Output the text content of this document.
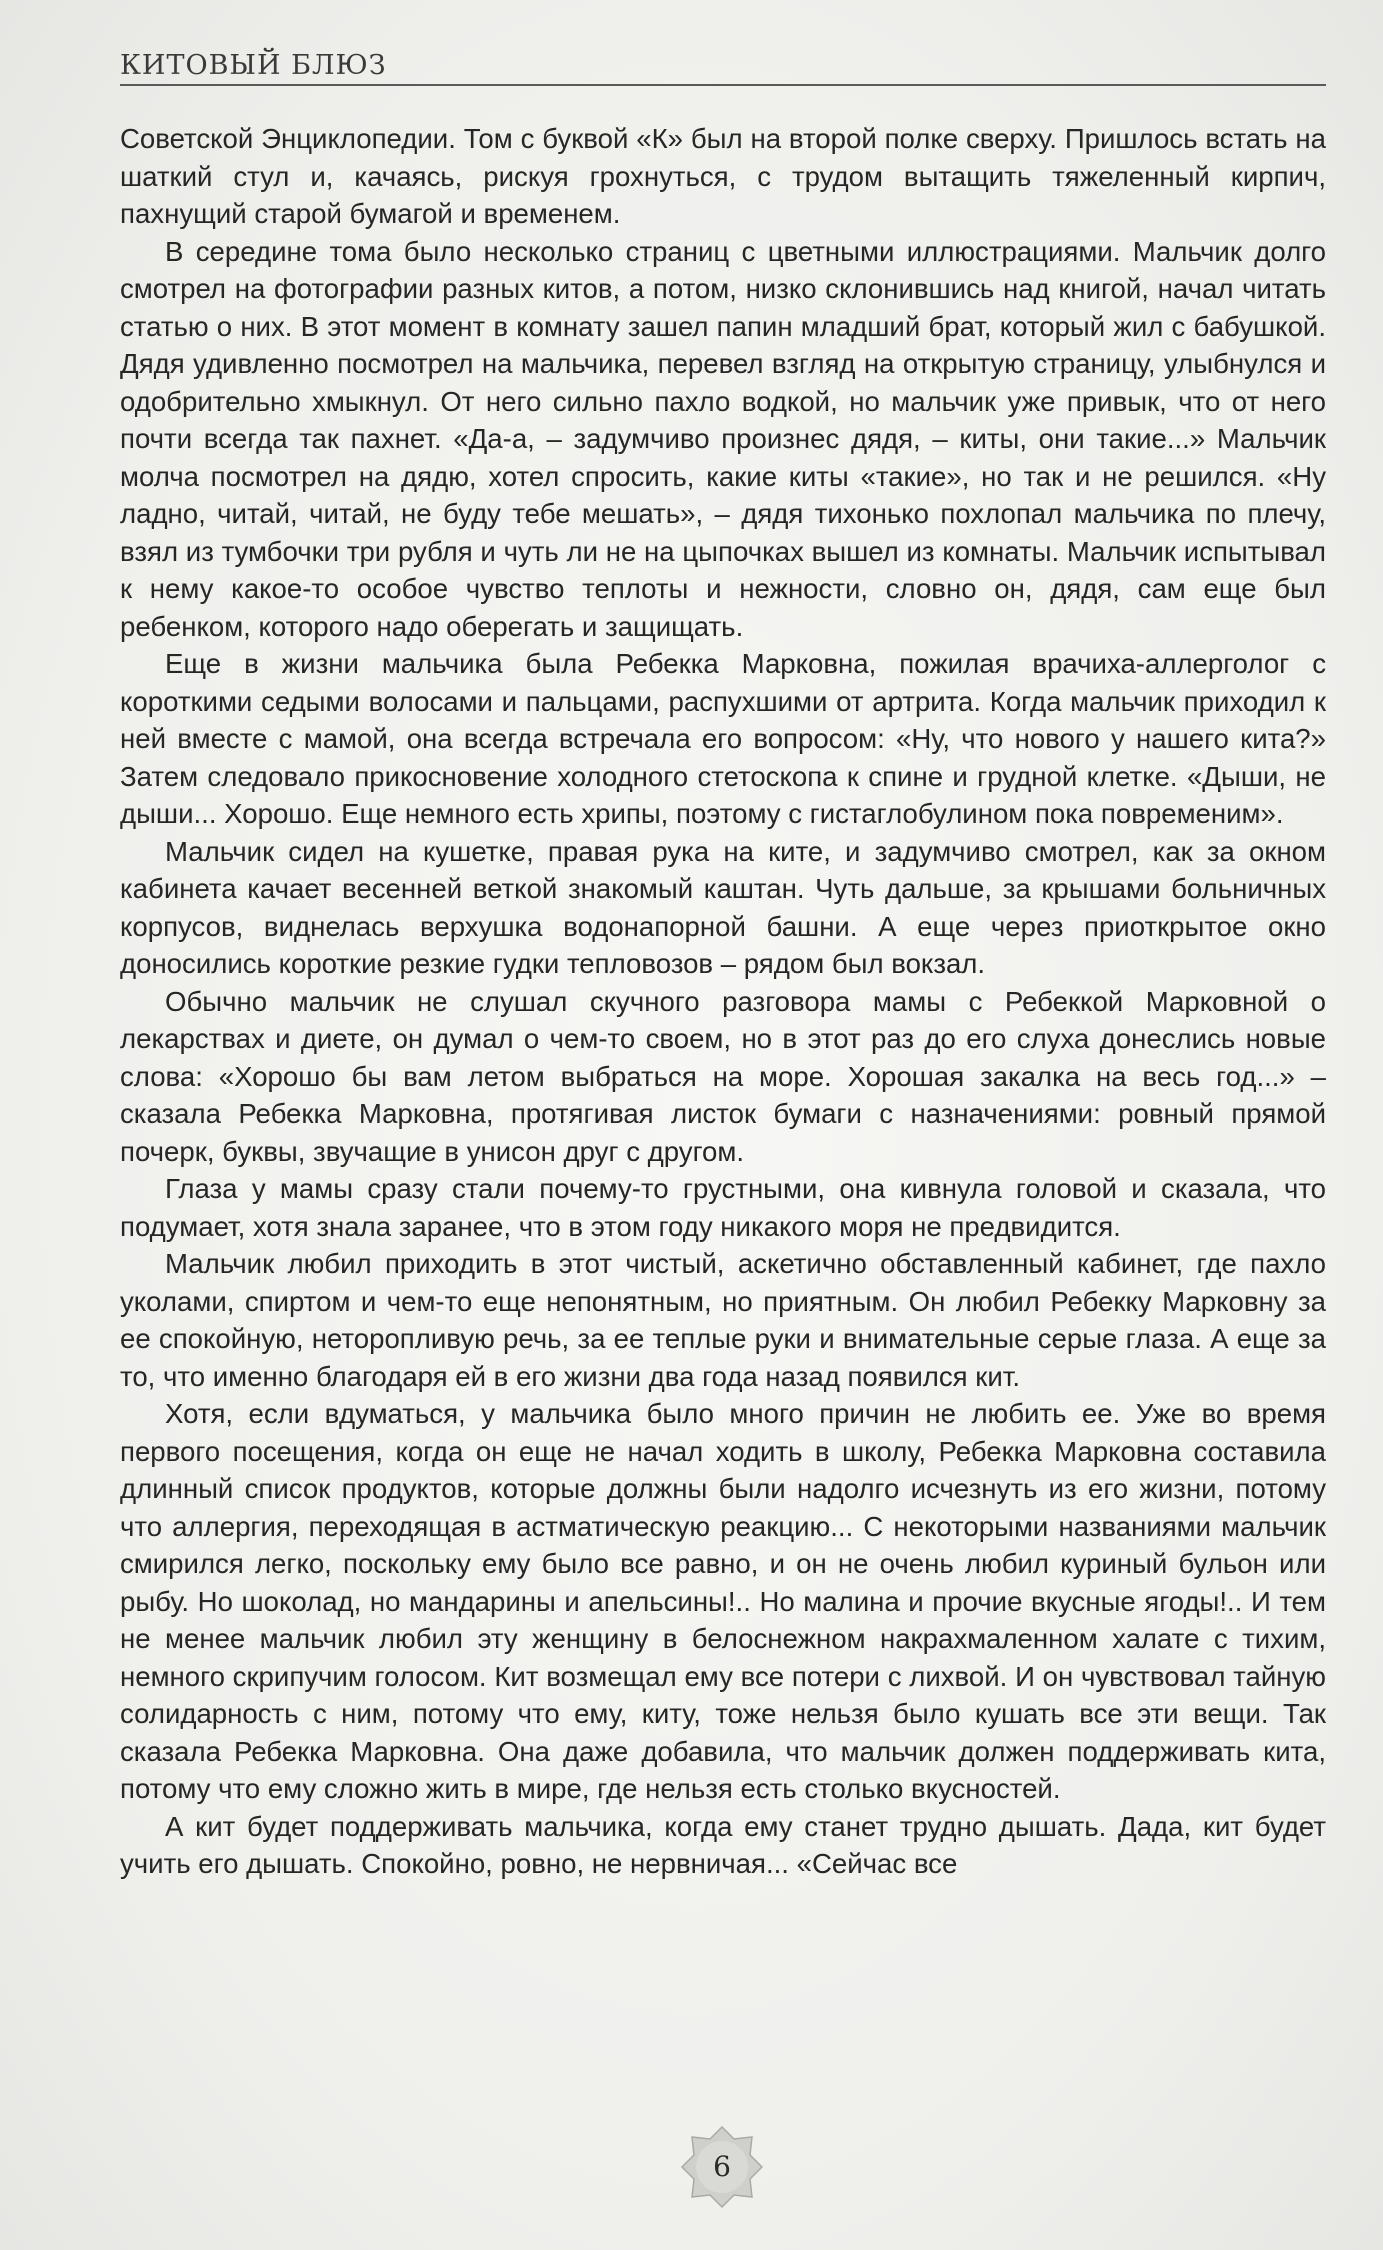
КИТОВЫЙ БЛЮЗ

Советской Энциклопедии. Том с буквой «К» был на второй полке сверху. Пришлось встать на шаткий стул и, качаясь, рискуя грохнуться, с трудом вытащить тяжеленный кирпич, пахнущий старой бумагой и временем.

В середине тома было несколько страниц с цветными иллюстрациями. Мальчик долго смотрел на фотографии разных китов, а потом, низко склонившись над книгой, начал читать статью о них. В этот момент в комнату зашел папин младший брат, который жил с бабушкой. Дядя удивленно посмотрел на мальчика, перевел взгляд на открытую страницу, улыбнулся и одобрительно хмыкнул. От него сильно пахло водкой, но мальчик уже привык, что от него почти всегда так пахнет. «Да-а, – задумчиво произнес дядя, – киты, они такие...» Мальчик молча посмотрел на дядю, хотел спросить, какие киты «такие», но так и не решился. «Ну ладно, читай, читай, не буду тебе мешать», – дядя тихонько похлопал мальчика по плечу, взял из тумбочки три рубля и чуть ли не на цыпочках вышел из комнаты. Мальчик испытывал к нему какое-то особое чувство теплоты и нежности, словно он, дядя, сам еще был ребенком, которого надо оберегать и защищать.

Еще в жизни мальчика была Ребекка Марковна, пожилая врачиха-аллерголог с короткими седыми волосами и пальцами, распухшими от артрита. Когда мальчик приходил к ней вместе с мамой, она всегда встречала его вопросом: «Ну, что нового у нашего кита?» Затем следовало прикосновение холодного стетоскопа к спине и грудной клетке. «Дыши, не дыши... Хорошо. Еще немного есть хрипы, поэтому с гистаглобулином пока повременим».

Мальчик сидел на кушетке, правая рука на ките, и задумчиво смотрел, как за окном кабинета качает весенней веткой знакомый каштан. Чуть дальше, за крышами больничных корпусов, виднелась верхушка водонапорной башни. А еще через приоткрытое окно доносились короткие резкие гудки тепловозов – рядом был вокзал.

Обычно мальчик не слушал скучного разговора мамы с Ребеккой Марковной о лекарствах и диете, он думал о чем-то своем, но в этот раз до его слуха донеслись новые слова: «Хорошо бы вам летом выбраться на море. Хорошая закалка на весь год...» – сказала Ребекка Марковна, протягивая листок бумаги с назначениями: ровный прямой почерк, буквы, звучащие в унисон друг с другом.

Глаза у мамы сразу стали почему-то грустными, она кивнула головой и сказала, что подумает, хотя знала заранее, что в этом году никакого моря не предвидится.

Мальчик любил приходить в этот чистый, аскетично обставленный кабинет, где пахло уколами, спиртом и чем-то еще непонятным, но приятным. Он любил Ребекку Марковну за ее спокойную, неторопливую речь, за ее теплые руки и внимательные серые глаза. А еще за то, что именно благодаря ей в его жизни два года назад появился кит.

Хотя, если вдуматься, у мальчика было много причин не любить ее. Уже во время первого посещения, когда он еще не начал ходить в школу, Ребекка Марковна составила длинный список продуктов, которые должны были надолго исчезнуть из его жизни, потому что аллергия, переходящая в астматическую реакцию... С некоторыми названиями мальчик смирился легко, поскольку ему было все равно, и он не очень любил куриный бульон или рыбу. Но шоколад, но мандарины и апельсины!.. Но малина и прочие вкусные ягоды!.. И тем не менее мальчик любил эту женщину в белоснежном накрахмаленном халате с тихим, немного скрипучим голосом. Кит возмещал ему все потери с лихвой. И он чувствовал тайную солидарность с ним, потому что ему, киту, тоже нельзя было кушать все эти вещи. Так сказала Ребекка Марковна. Она даже добавила, что мальчик должен поддерживать кита, потому что ему сложно жить в мире, где нельзя есть столько вкусностей.

А кит будет поддерживать мальчика, когда ему станет трудно дышать. Дада, кит будет учить его дышать. Спокойно, ровно, не нервничая... «Сейчас все

6
